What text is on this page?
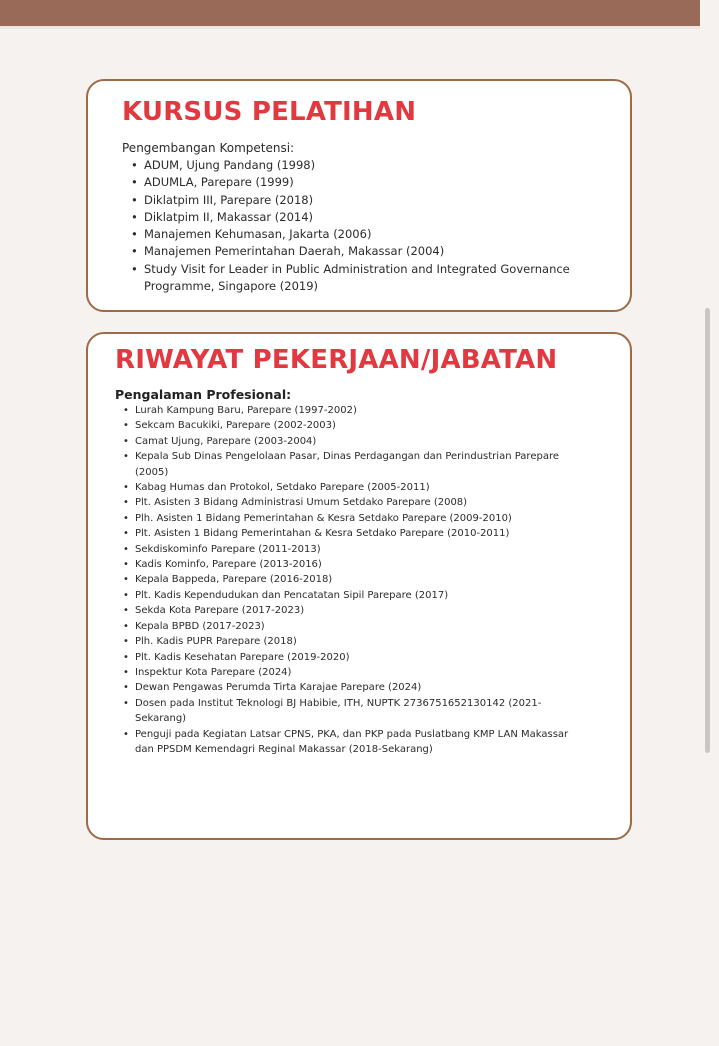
KURSUS PELATIHAN
Pengembangan Kompetensi:
• ADUM, Ujung Pandang (1998)
• ADUMLA, Parepare (1999)
• Diklatpim III, Parepare (2018)
• Diklatpim II, Makassar (2014)
• Manajemen Kehumasan, Jakarta (2006)
• Manajemen Pemerintahan Daerah, Makassar (2004)
• Study Visit for Leader in Public Administration and Integrated Governance Programme, Singapore (2019)
RIWAYAT PEKERJAAN/JABATAN
Pengalaman Profesional:
• Lurah Kampung Baru, Parepare (1997-2002)
• Sekcam Bacukiki, Parepare (2002-2003)
• Camat Ujung, Parepare (2003-2004)
• Kepala Sub Dinas Pengelolaan Pasar, Dinas Perdagangan dan Perindustrian Parepare (2005)
• Kabag Humas dan Protokol, Setdako Parepare (2005-2011)
• Plt. Asisten 3 Bidang Administrasi Umum Setdako Parepare (2008)
• Plh. Asisten 1 Bidang Pemerintahan & Kesra Setdako Parepare (2009-2010)
• Plt. Asisten 1 Bidang Pemerintahan & Kesra Setdako Parepare (2010-2011)
• Sekdiskominfo Parepare (2011-2013)
• Kadis Kominfo, Parepare (2013-2016)
• Kepala Bappeda, Parepare (2016-2018)
• Plt. Kadis Kependudukan dan Pencatatan Sipil Parepare (2017)
• Sekda Kota Parepare (2017-2023)
• Kepala BPBD (2017-2023)
• Plh. Kadis PUPR Parepare (2018)
• Plt. Kadis Kesehatan Parepare (2019-2020)
• Inspektur Kota Parepare (2024)
• Dewan Pengawas Perumda Tirta Karajae Parepare (2024)
• Dosen pada Institut Teknologi BJ Habibie, ITH, NUPTK 2736751652130142 (2021-Sekarang)
• Penguji pada Kegiatan Latsar CPNS, PKA, dan PKP pada Puslatbang KMP LAN Makassar dan PPSDM Kemendagri Reginal Makassar (2018-Sekarang)
